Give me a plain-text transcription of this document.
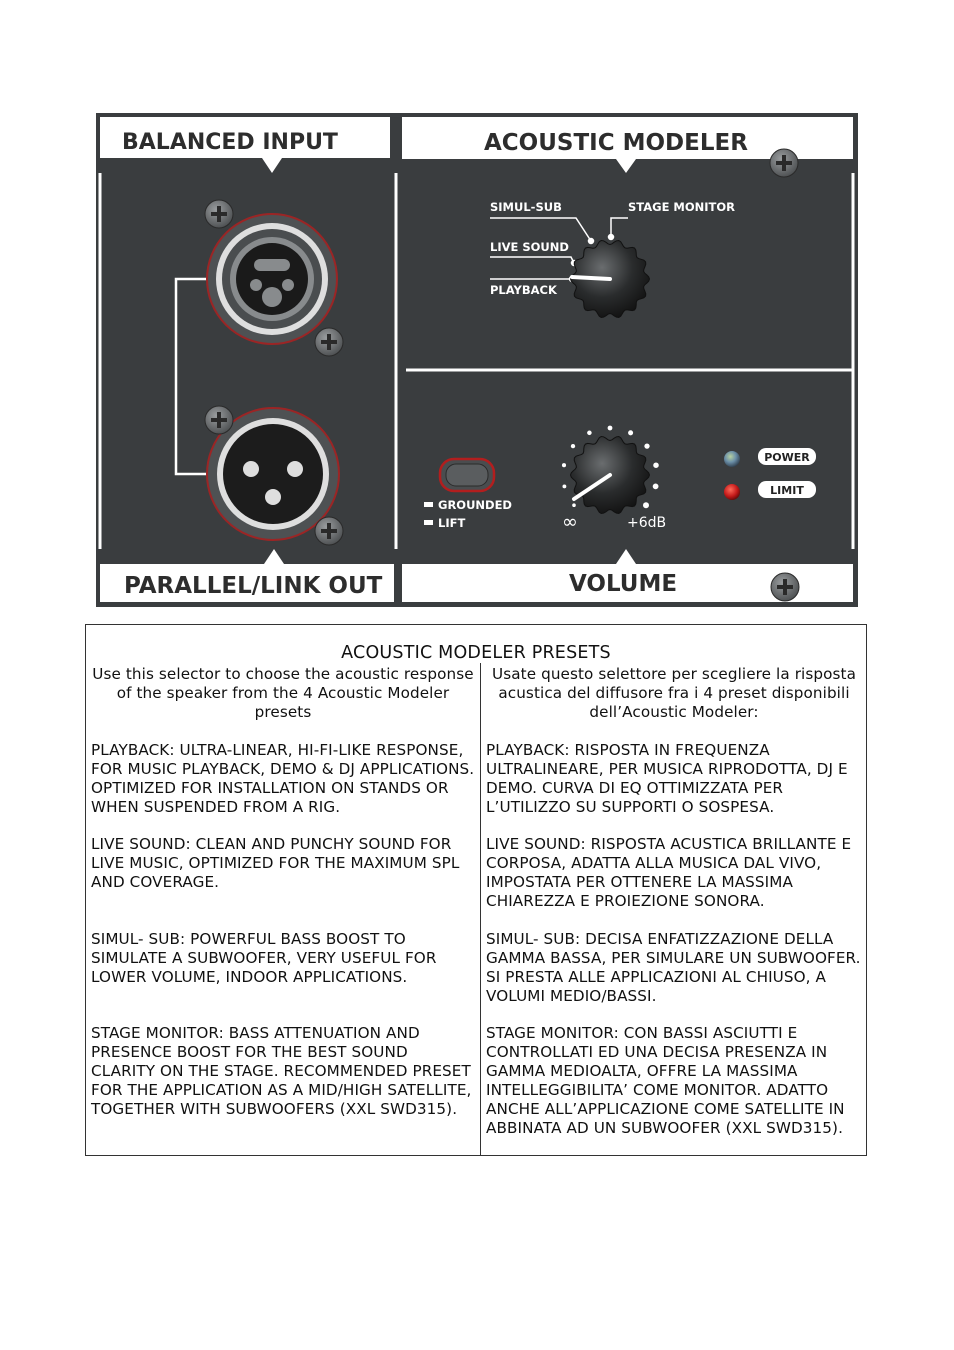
BALANCED INPUT	ACOUSTIC MODELER
PARALLEL/LINK OUT	VOLUME
SIMUL-SUB	STAGE MONITOR
LIVE SOUND
PLAYBACK
GROUNDED
LIFT	∞	+6dB
POWER
LIMIT
ACOUSTIC MODELER PRESETS

Use this selector to choose the acoustic response of the speaker from the 4 Acoustic Modeler presets

PLAYBACK: ULTRA-LINEAR, HI-FI-LIKE RESPONSE, FOR MUSIC PLAYBACK, DEMO & DJ APPLICATIONS. OPTIMIZED FOR INSTALLATION ON STANDS OR WHEN SUSPENDED FROM A RIG.

LIVE SOUND: CLEAN AND PUNCHY SOUND FOR LIVE MUSIC, OPTIMIZED FOR THE MAXIMUM SPL AND COVERAGE.

SIMUL- SUB: POWERFUL BASS BOOST TO SIMULATE A SUBWOOFER, VERY USEFUL FOR LOWER VOLUME, INDOOR APPLICATIONS.

STAGE MONITOR: BASS ATTENUATION AND PRESENCE BOOST FOR THE BEST SOUND CLARITY ON THE STAGE. RECOMMENDED PRESET FOR THE APPLICATION AS A MID/HIGH SATELLITE, TOGETHER WITH SUBWOOFERS (XXL SWD315).

Usate questo selettore per scegliere la risposta acustica del diffusore fra i 4 preset disponibili dell’Acoustic Modeler:

PLAYBACK: RISPOSTA IN FREQUENZA ULTRALINEARE, PER MUSICA RIPRODOTTA, DJ E DEMO. CURVA DI EQ OTTIMIZZATA PER L’UTILIZZO SU SUPPORTI O SOSPESA.

LIVE SOUND: RISPOSTA ACUSTICA BRILLANTE E CORPOSA, ADATTA ALLA MUSICA DAL VIVO, IMPOSTATA PER OTTENERE LA MASSIMA CHIAREZZA E PROIEZIONE SONORA.

SIMUL- SUB: DECISA ENFATIZZAZIONE DELLA GAMMA BASSA, PER SIMULARE UN SUBWOOFER. SI PRESTA ALLE APPLICAZIONI AL CHIUSO, A VOLUMI MEDIO/BASSI.

STAGE MONITOR: CON BASSI ASCIUTTI E CONTROLLATI ED UNA DECISA PRESENZA IN GAMMA MEDIOALTA, OFFRE LA MASSIMA INTELLEGGIBILITA’ COME MONITOR. ADATTO ANCHE ALL’APPLICAZIONE COME SATELLITE IN ABBINATA AD UN SUBWOOFER (XXL SWD315).
